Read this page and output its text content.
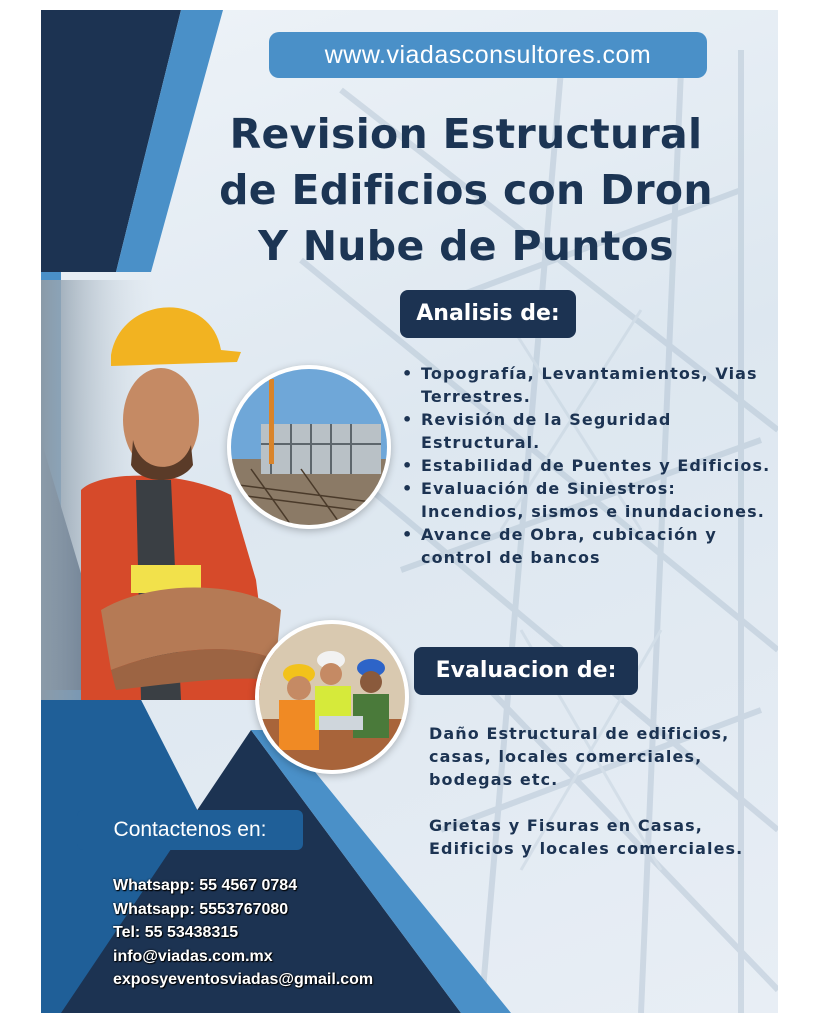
www.viadasconsultores.com
Revision Estructural
de Edificios con Dron
Y Nube de Puntos
Analisis de:
• Topografía, Levantamientos, Vias Terrestres.
• Revisión de la Seguridad Estructural.
• Estabilidad de Puentes y Edificios.
• Evaluación de Siniestros: Incendios, sismos e inundaciones.
• Avance de Obra, cubicación y control de bancos
Evaluacion de:

Daño Estructural de edificios, casas, locales comerciales, bodegas etc.

Grietas y Fisuras en Casas, Edificios y locales comerciales.

Contactenos en:
Whatsapp: 55 4567 0784
Whatsapp: 5553767080
Tel: 55 53438315
info@viadas.com.mx
exposyeventosviadas@gmail.com
